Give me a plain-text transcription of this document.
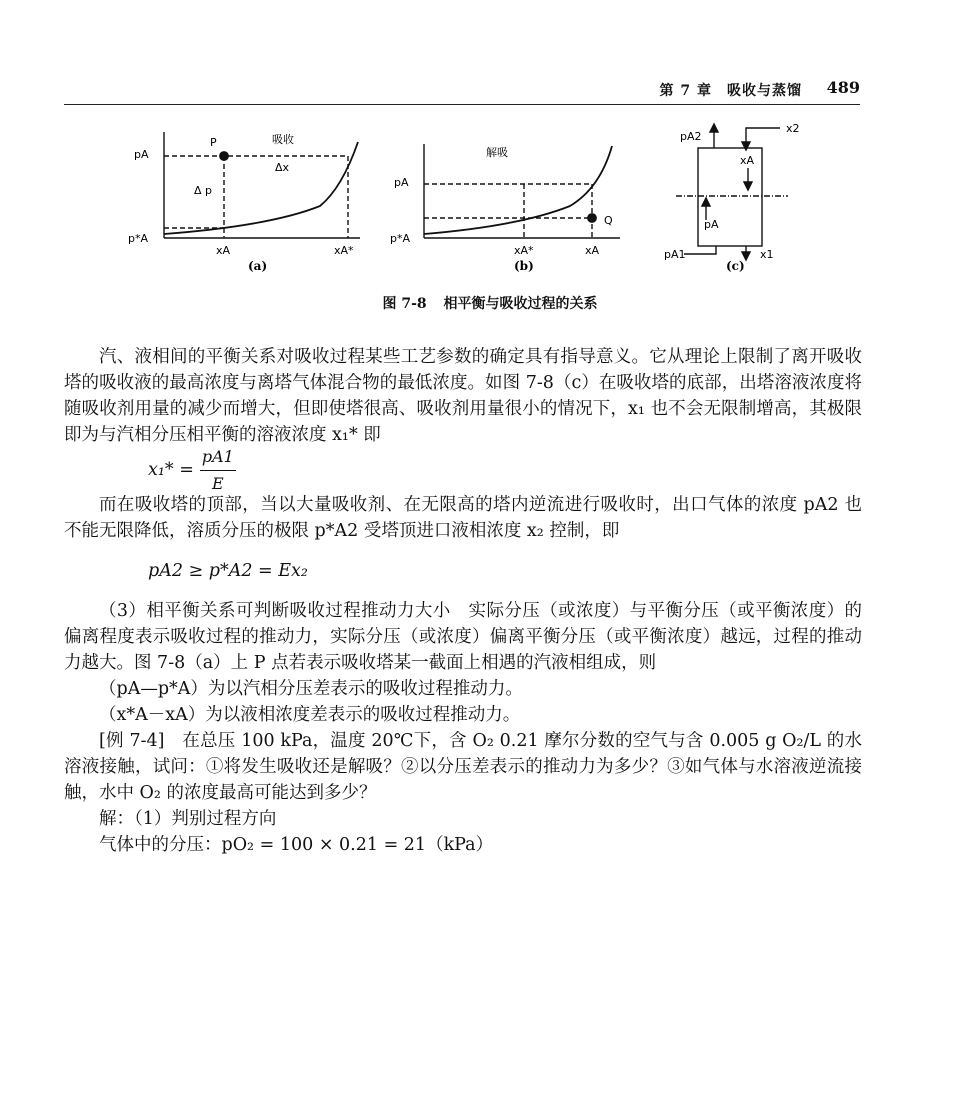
第 7 章　吸收与蒸馏 489
pA
P	吸收
Δx
Δ p
p*A
xA	xA*
(a)
解吸
pA
Q
p*A
xA*	xA
(b)
pA2
x2
xA
pA
pA1	x1
(c)
图 7-8 相平衡与吸收过程的关系

汽、液相间的平衡关系对吸收过程某些工艺参数的确定具有指导意义。它从理论上限制了离开吸收塔的吸收液的最高浓度与离塔气体混合物的最低浓度。如图 7-8（c）在吸收塔的底部，出塔溶液浓度将随吸收剂用量的减少而增大，但即使塔很高、吸收剂用量很小的情况下，x₁ 也不会无限制增高，其极限即为与汽相分压相平衡的溶液浓度 x₁* 即

$x_1* = \frac{pA1}{E}$

而在吸收塔的顶部，当以大量吸收剂、在无限高的塔内逆流进行吸收时，出口气体的浓度 pA2 也不能无限降低，溶质分压的极限 p*A2 受塔顶进口液相浓度 x₂ 控制，即

pA2 ≥ p*A2 = Ex₂

（3）相平衡关系可判断吸收过程推动力大小　实际分压（或浓度）与平衡分压（或平衡浓度）的偏离程度表示吸收过程的推动力，实际分压（或浓度）偏离平衡分压（或平衡浓度）越远，过程的推动力越大。图 7-8（a）上 P 点若表示吸收塔某一截面上相遇的汽液相组成，则

（pA—p*A）为以汽相分压差表示的吸收过程推动力。

（x*A－xA）为以液相浓度差表示的吸收过程推动力。

[例 7-4]　在总压 100 kPa，温度 20℃下，含 O₂ 0.21 摩尔分数的空气与含 0.005 g O₂/L 的水溶液接触，试问：①将发生吸收还是解吸？②以分压差表示的推动力为多少？③如气体与水溶液逆流接触，水中 O₂ 的浓度最高可能达到多少？

解：（1）判别过程方向

气体中的分压：pO₂ = 100 × 0.21 = 21（kPa）
